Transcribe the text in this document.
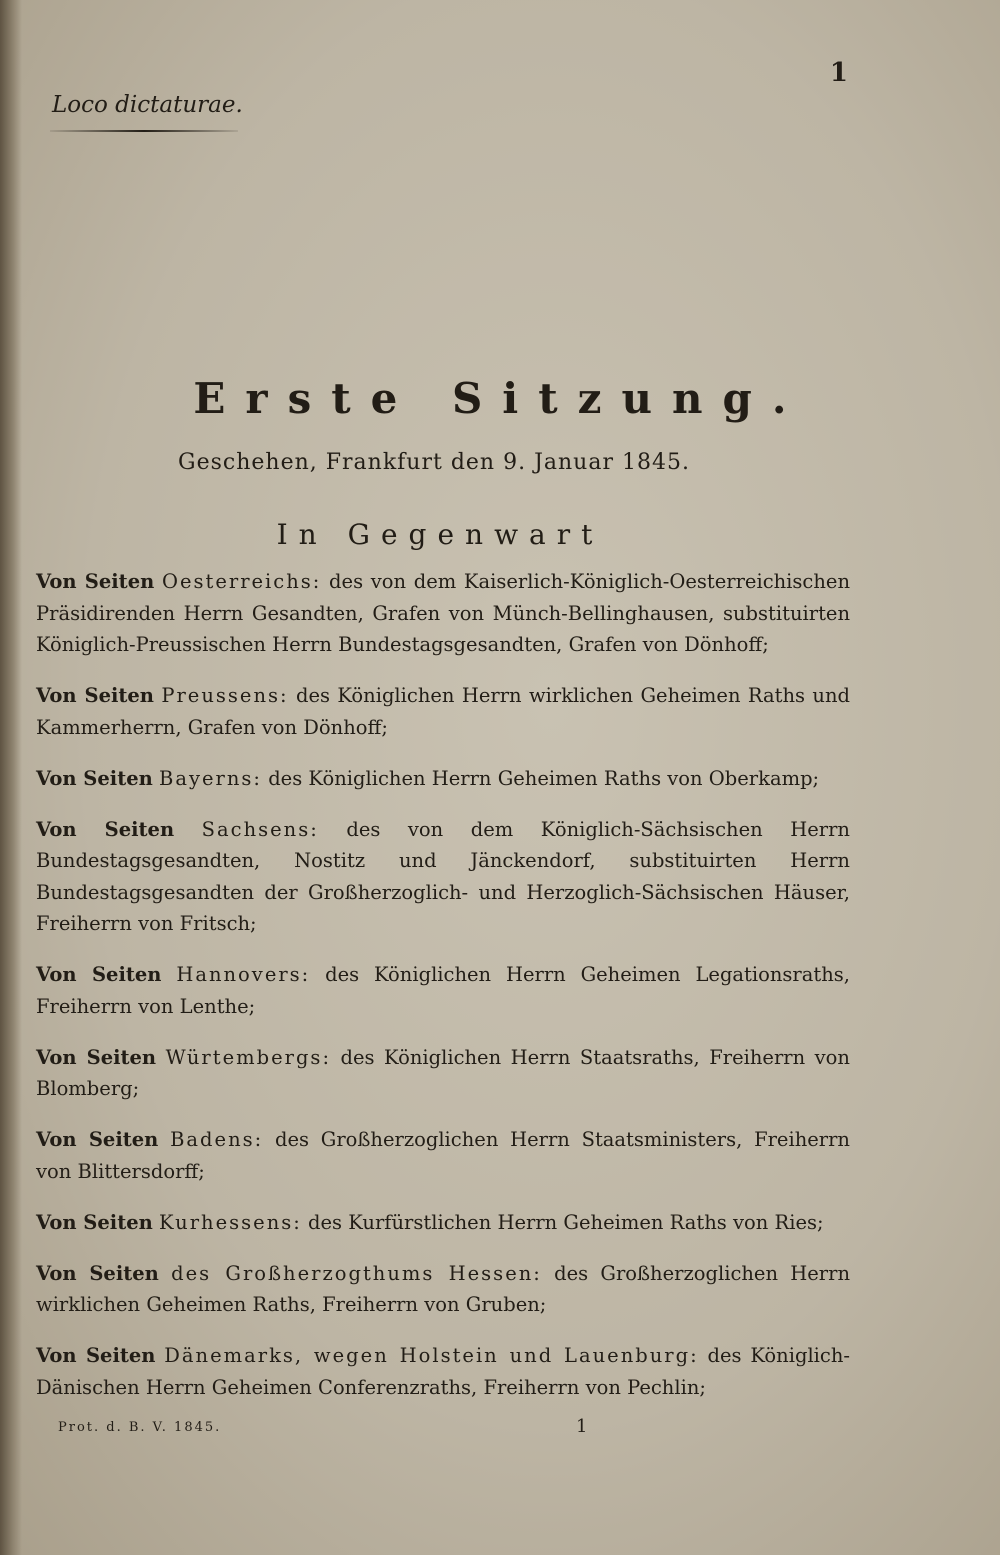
1
Loco dictaturae.
Erste Sitzung.
Geschehen, Frankfurt den 9. Januar 1845.
In Gegenwart

Von Seiten Oesterreichs: des von dem Kaiserlich-Königlich-Oesterreichischen Präsidirenden Herrn Gesandten, Grafen von Münch-Bellinghausen, substituirten Königlich-Preussischen Herrn Bundestagsgesandten, Grafen von Dönhoff;

Von Seiten Preussens: des Königlichen Herrn wirklichen Geheimen Raths und Kammerherrn, Grafen von Dönhoff;

Von Seiten Bayerns: des Königlichen Herrn Geheimen Raths von Oberkamp;

Von Seiten Sachsens: des von dem Königlich-Sächsischen Herrn Bundestagsgesandten, Nostitz und Jänckendorf, substituirten Herrn Bundestagsgesandten der Großherzoglich- und Herzoglich-Sächsischen Häuser, Freiherrn von Fritsch;

Von Seiten Hannovers: des Königlichen Herrn Geheimen Legationsraths, Freiherrn von Lenthe;

Von Seiten Würtembergs: des Königlichen Herrn Staatsraths, Freiherrn von Blomberg;

Von Seiten Badens: des Großherzoglichen Herrn Staatsministers, Freiherrn von Blittersdorff;

Von Seiten Kurhessens: des Kurfürstlichen Herrn Geheimen Raths von Ries;

Von Seiten des Großherzogthums Hessen: des Großherzoglichen Herrn wirklichen Geheimen Raths, Freiherrn von Gruben;

Von Seiten Dänemarks, wegen Holstein und Lauenburg: des Königlich-Dänischen Herrn Geheimen Conferenzraths, Freiherrn von Pechlin;

Prot. d. B. V. 1845.	1
